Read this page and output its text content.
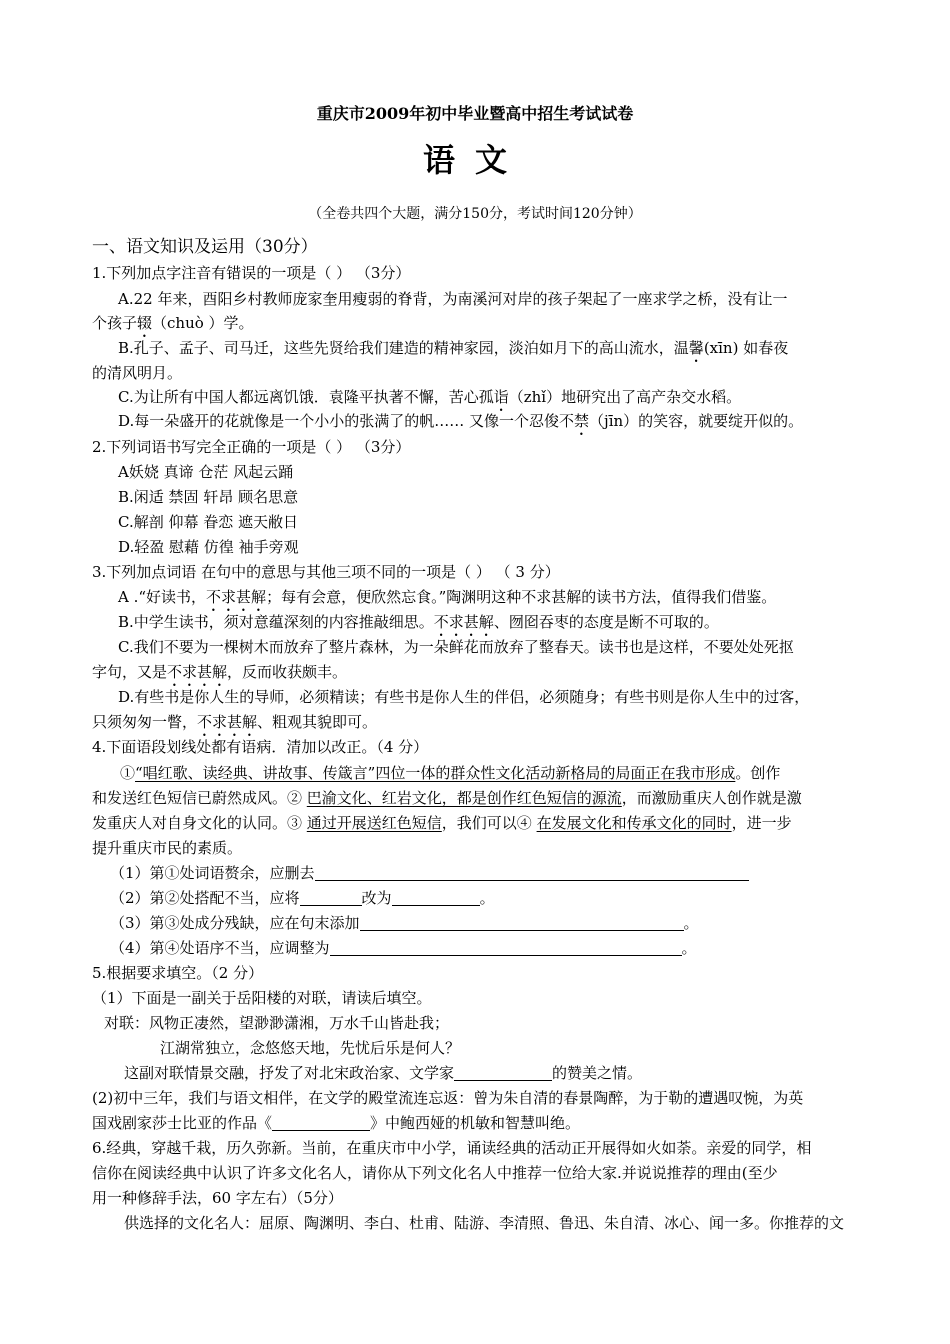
重庆市2009年初中毕业暨高中招生考试试卷
语文
（全卷共四个大题，满分150分，考试时间120分钟）
一、语文知识及运用（30分）
1.下列加点字注音有错误的一项是（ ） （3分）
A.22 年来，酉阳乡村教师庞家奎用瘦弱的脊背，为南溪河对岸的孩子架起了一座求学之桥，没有让一
个孩子辍（chuò ）学。
B.孔子、孟子、司马迁，这些先贤给我们建造的精神家园，淡泊如月下的高山流水，温馨(xīn) 如春夜
的清风明月。
C.为让所有中国人都远离饥饿．袁隆平执著不懈，苦心孤诣（zhǐ）地研究出了高产杂交水稻。
D.每一朵盛开的花就像是一个小小的张满了的帆…… 又像一个忍俊不禁（jīn）的笑容，就要绽开似的。
2.下列词语书写完全正确的一项是（ ） （3分）
A妖娆 真谛 仓茫 风起云踊
B.闲适 禁固 轩昂 顾名思意
C.解剖 仰幕 眷恋 遮天敝日
D.轻盈 慰藉 仿徨 袖手旁观
3.下列加点词语 在句中的意思与其他三项不同的一项是（ ） （ 3 分）
A .“好读书，不求甚解；每有会意，便欣然忘食。”陶渊明这种不求甚解的读书方法，值得我们借鉴。
B.中学生读书，须对意蕴深刻的内容推敲细思。不求甚解、囫囵吞枣的态度是断不可取的。
C.我们不要为一棵树木而放弃了整片森林，为一朵鲜花而放弃了整春天。读书也是这样，不要处处死抠
字句，又是不求甚解，反而收获颇丰。
D.有些书是你人生的导师，必须精读；有些书是你人生的伴侣，必须随身；有些书则是你人生中的过客，
只须匆匆一瞥，不求甚解、粗观其貌即可。
4.下面语段划线处都有语病．清加以改正。（4 分）
①“唱红歌、读经典、讲故事、传箴言”四位一体的群众性文化活动新格局的局面正在我市形成。创作
和发送红色短信已蔚然成风。② 巴渝文化、红岩文化，都是创作红色短信的源流，而激励重庆人创作就是激
发重庆人对自身文化的认同。③ 通过开展送红色短信，我们可以④ 在发展文化和传承文化的同时，进一步
提升重庆市民的素质。
（1）第①处词语赘余，应删去
（2）第②处搭配不当，应将	改为	。
（3）第③处成分残缺，应在句末添加	。
（4）第④处语序不当，应调整为	。
5.根据要求填空。（2 分）
（1）下面是一副关于岳阳楼的对联，请读后填空。
对联：风物正凄然，望渺渺潇湘，万水千山皆赴我；
江湖常独立，念悠悠天地，先忧后乐是何人？
这副对联情景交融，抒发了对北宋政治家、文学家	的赞美之情。
(2)初中三年，我们与语文相伴，在文学的殿堂流连忘返：曾为朱自清的春景陶醉，为于勒的遭遇叹惋，为英
国戏剧家莎士比亚的作品《	》中鲍西娅的机敏和智慧叫绝。
6.经典，穿越千栽，历久弥新。当前，在重庆市中小学，诵读经典的活动正开展得如火如荼。亲爱的同学，相
信你在阅读经典中认识了许多文化名人，请你从下列文化名人中推荐一位给大家.并说说推荐的理由(至少
用一种修辞手法，60 字左右）（5分）
供选择的文化名人：屈原、陶渊明、李白、杜甫、陆游、李清照、鲁迅、朱自清、冰心、闻一多。你推荐的文
